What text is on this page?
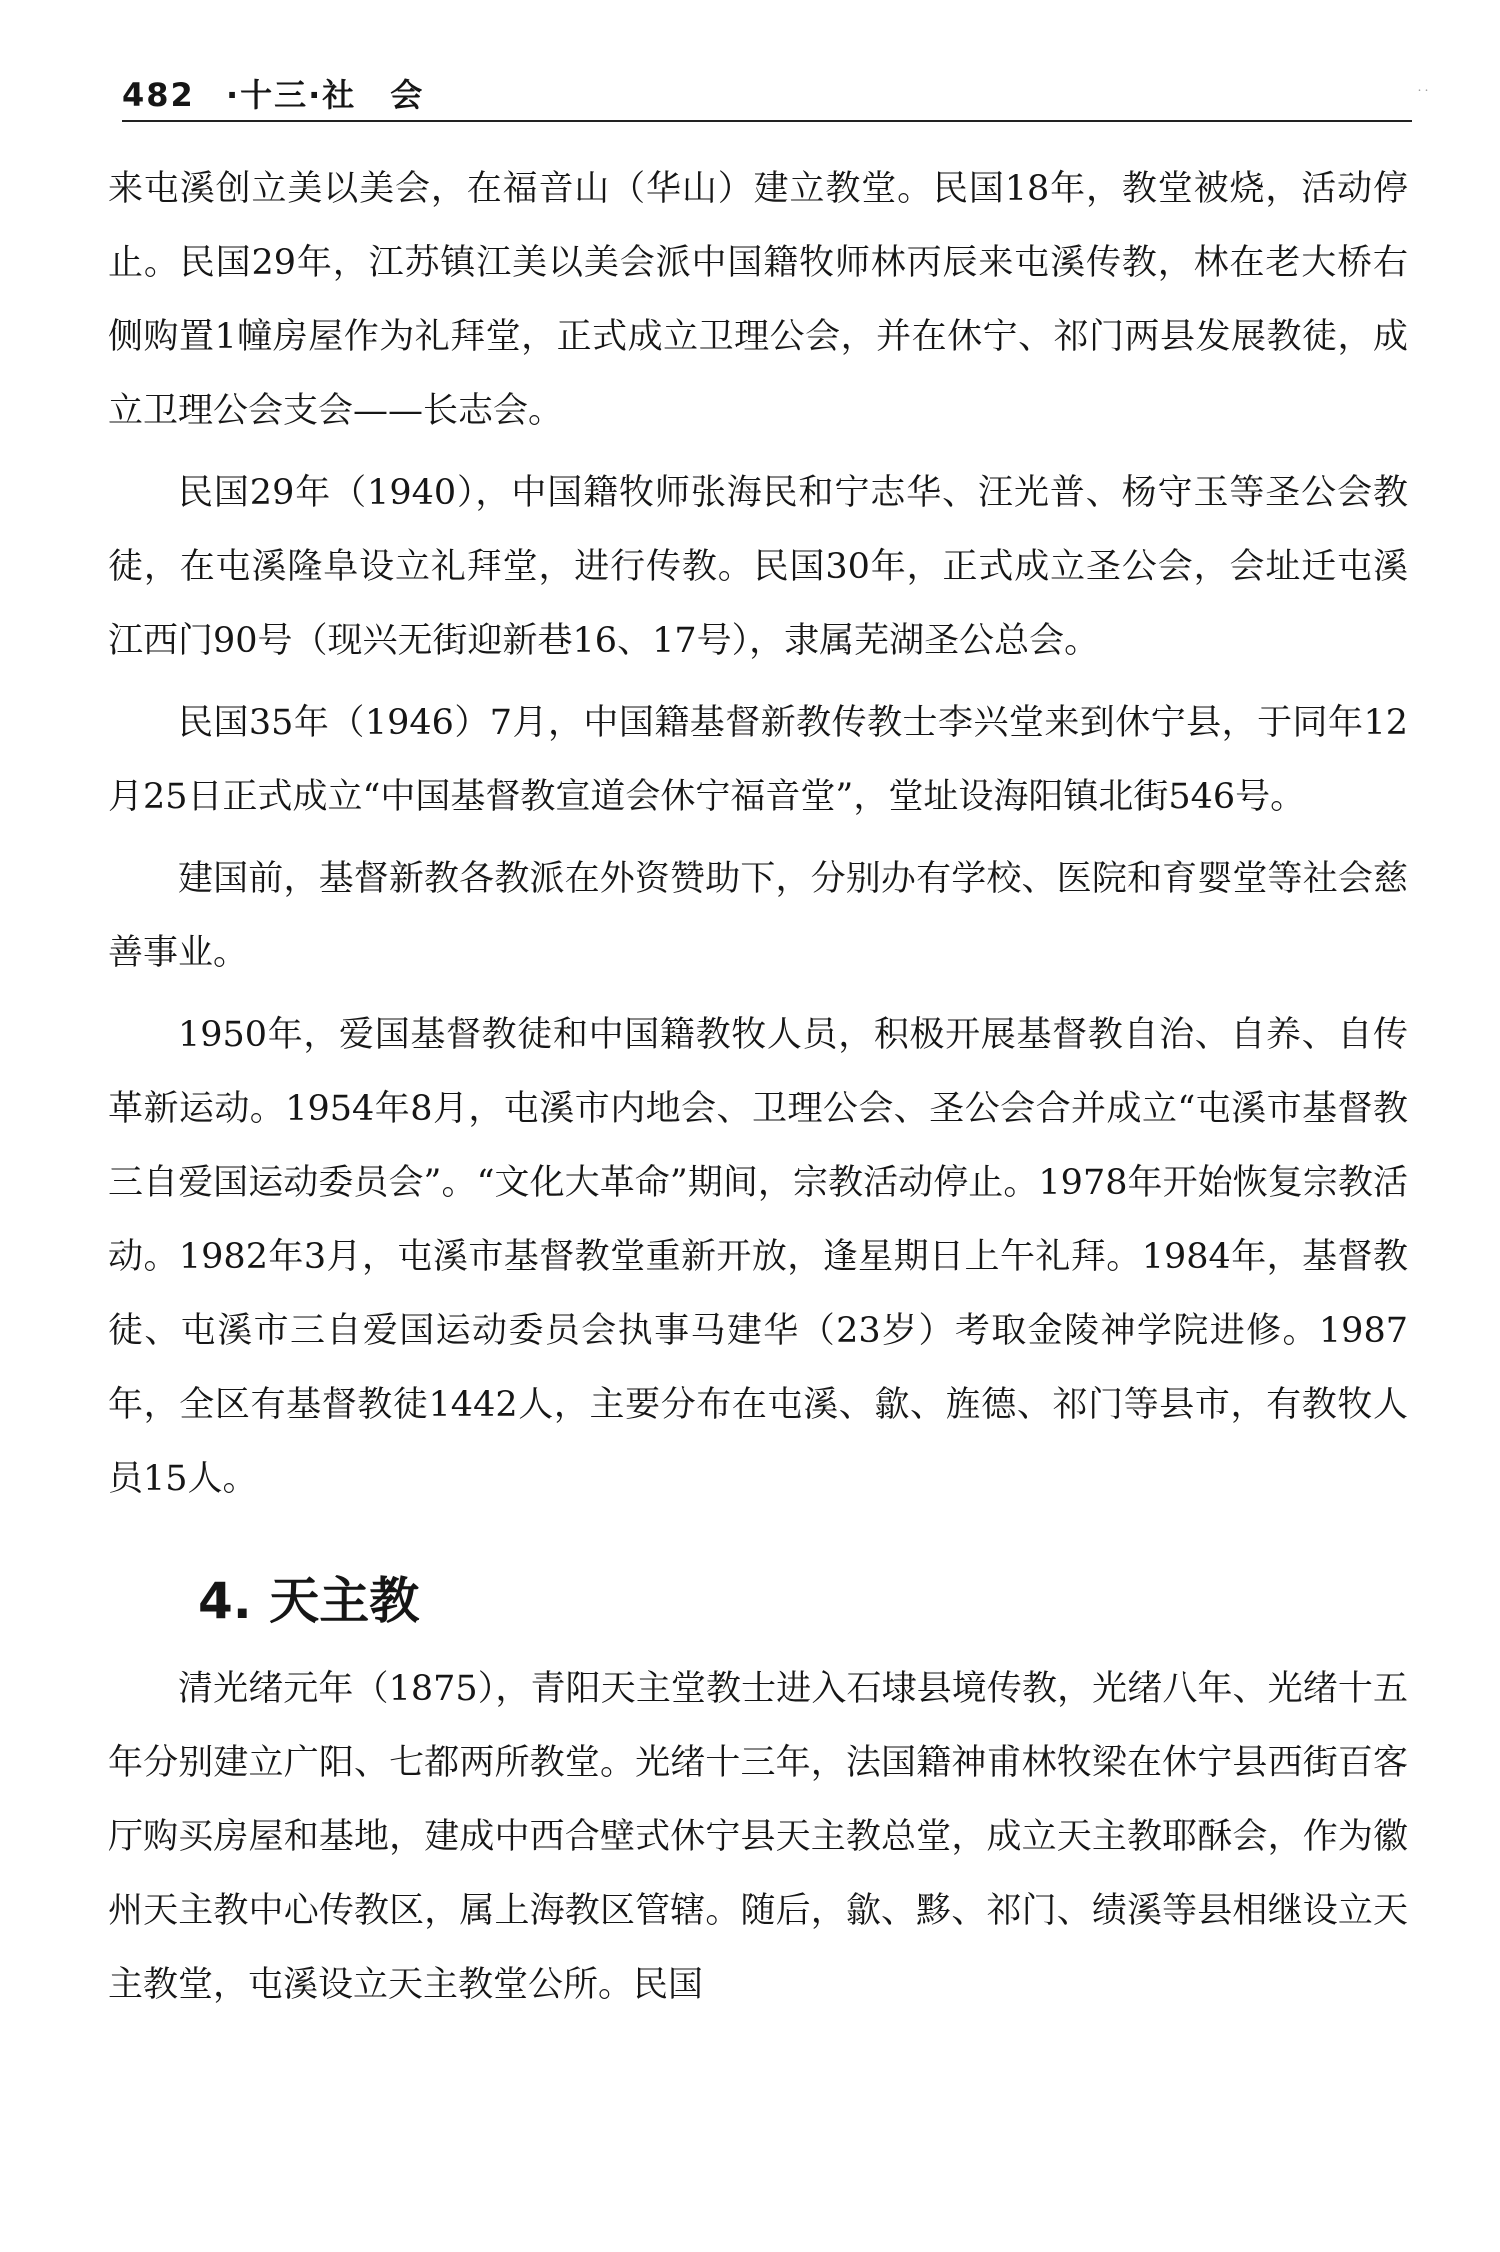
482 ·十三·社　会	˙˙

来屯溪创立美以美会，在福音山（华山）建立教堂。民国18年，教堂被烧，活动停止。民国29年，江苏镇江美以美会派中国籍牧师林丙辰来屯溪传教，林在老大桥右侧购置1幢房屋作为礼拜堂，正式成立卫理公会，并在休宁、祁门两县发展教徒，成立卫理公会支会——长志会。

民国29年（1940），中国籍牧师张海民和宁志华、汪光普、杨守玉等圣公会教徒，在屯溪隆阜设立礼拜堂，进行传教。民国30年，正式成立圣公会，会址迁屯溪江西门90号（现兴无街迎新巷16、17号），隶属芜湖圣公总会。

民国35年（1946）7月，中国籍基督新教传教士李兴堂来到休宁县，于同年12月25日正式成立“中国基督教宣道会休宁福音堂”，堂址设海阳镇北街546号。

建国前，基督新教各教派在外资赞助下，分别办有学校、医院和育婴堂等社会慈善事业。

1950年，爱国基督教徒和中国籍教牧人员，积极开展基督教自治、自养、自传革新运动。1954年8月，屯溪市内地会、卫理公会、圣公会合并成立“屯溪市基督教三自爱国运动委员会”。“文化大革命”期间，宗教活动停止。1978年开始恢复宗教活动。1982年3月，屯溪市基督教堂重新开放，逢星期日上午礼拜。1984年，基督教徒、屯溪市三自爱国运动委员会执事马建华（23岁）考取金陵神学院进修。1987年，全区有基督教徒1442人，主要分布在屯溪、歙、旌德、祁门等县市，有教牧人员15人。

4. 天主教

清光绪元年（1875），青阳天主堂教士进入石埭县境传教，光绪八年、光绪十五年分别建立广阳、七都两所教堂。光绪十三年，法国籍神甫林牧梁在休宁县西街百客厅购买房屋和基地，建成中西合壁式休宁县天主教总堂，成立天主教耶酥会，作为徽州天主教中心传教区，属上海教区管辖。随后，歙、黟、祁门、绩溪等县相继设立天主教堂，屯溪设立天主教堂公所。民国
